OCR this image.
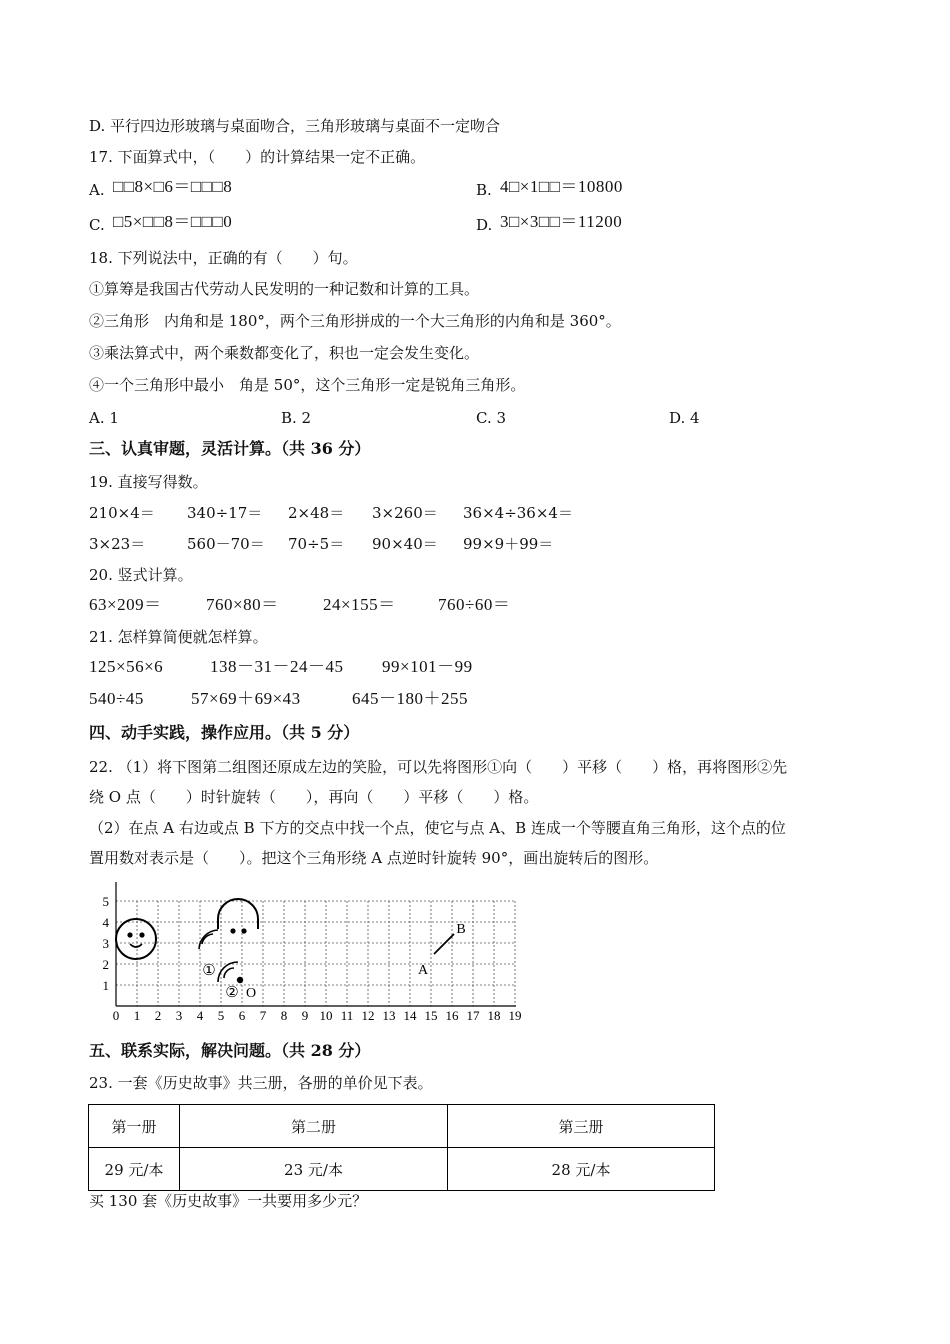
D. 平行四边形玻璃与桌面吻合，三角形玻璃与桌面不一定吻合
17. 下面算式中，（　　）的计算结果一定不正确。
A. □□8×□6＝□□□8	B. 4□×1□□＝10800
C. □5×□□8＝□□□0	D. 3□×3□□＝11200
18. 下列说法中，正确的有（　　）句。
①算筹是我国古代劳动人民发明的一种记数和计算的工具。
②三角形　内角和是 180°，两个三角形拼成的一个大三角形的内角和是 360°。
③乘法算式中，两个乘数都变化了，积也一定会发生变化。
④一个三角形中最小　角是 50°，这个三角形一定是锐角三角形。
A. 1	B. 2	C. 3	D. 4
三、认真审题，灵活计算。（共 36 分）
19. 直接写得数。
210×4＝ 340÷17＝ 2×48＝ 3×260＝ 36×4÷36×4＝
3×23＝	560－70＝ 70÷5＝ 90×40＝ 99×9＋99＝
20. 竖式计算。
63×209＝	760×80＝	24×155＝ 760÷60＝
21. 怎样算简便就怎样算。
125×56×6	138－31－24－45 99×101－99
540÷45	57×69＋69×43	645－180＋255
四、动手实践，操作应用。（共 5 分）
22. （1）将下图第二组图还原成左边的笑脸，可以先将图形①向（　　）平移（　　）格，再将图形②先
绕 O 点（　　）时针旋转（　　），再向（　　）平移（　　）格。
（2）在点 A 右边或点 B 下方的交点中找一个点，使它与点 A、B 连成一个等腰直角三角形，这个点的位
置用数对表示是（　　）。把这个三角形绕 A 点逆时针旋转 90°，画出旋转后的图形。
0 1 2 3 4 5 6 7 8 9 10 11 12 13 14 15 16 17 18 19
1
2
3
4
5
①
② O
A
B
五、联系实际，解决问题。（共 28 分）
23. 一套《历史故事》共三册，各册的单价见下表。
第一册	第二册	第三册
29 元/本	23 元/本	28 元/本
买 130 套《历史故事》一共要用多少元？
